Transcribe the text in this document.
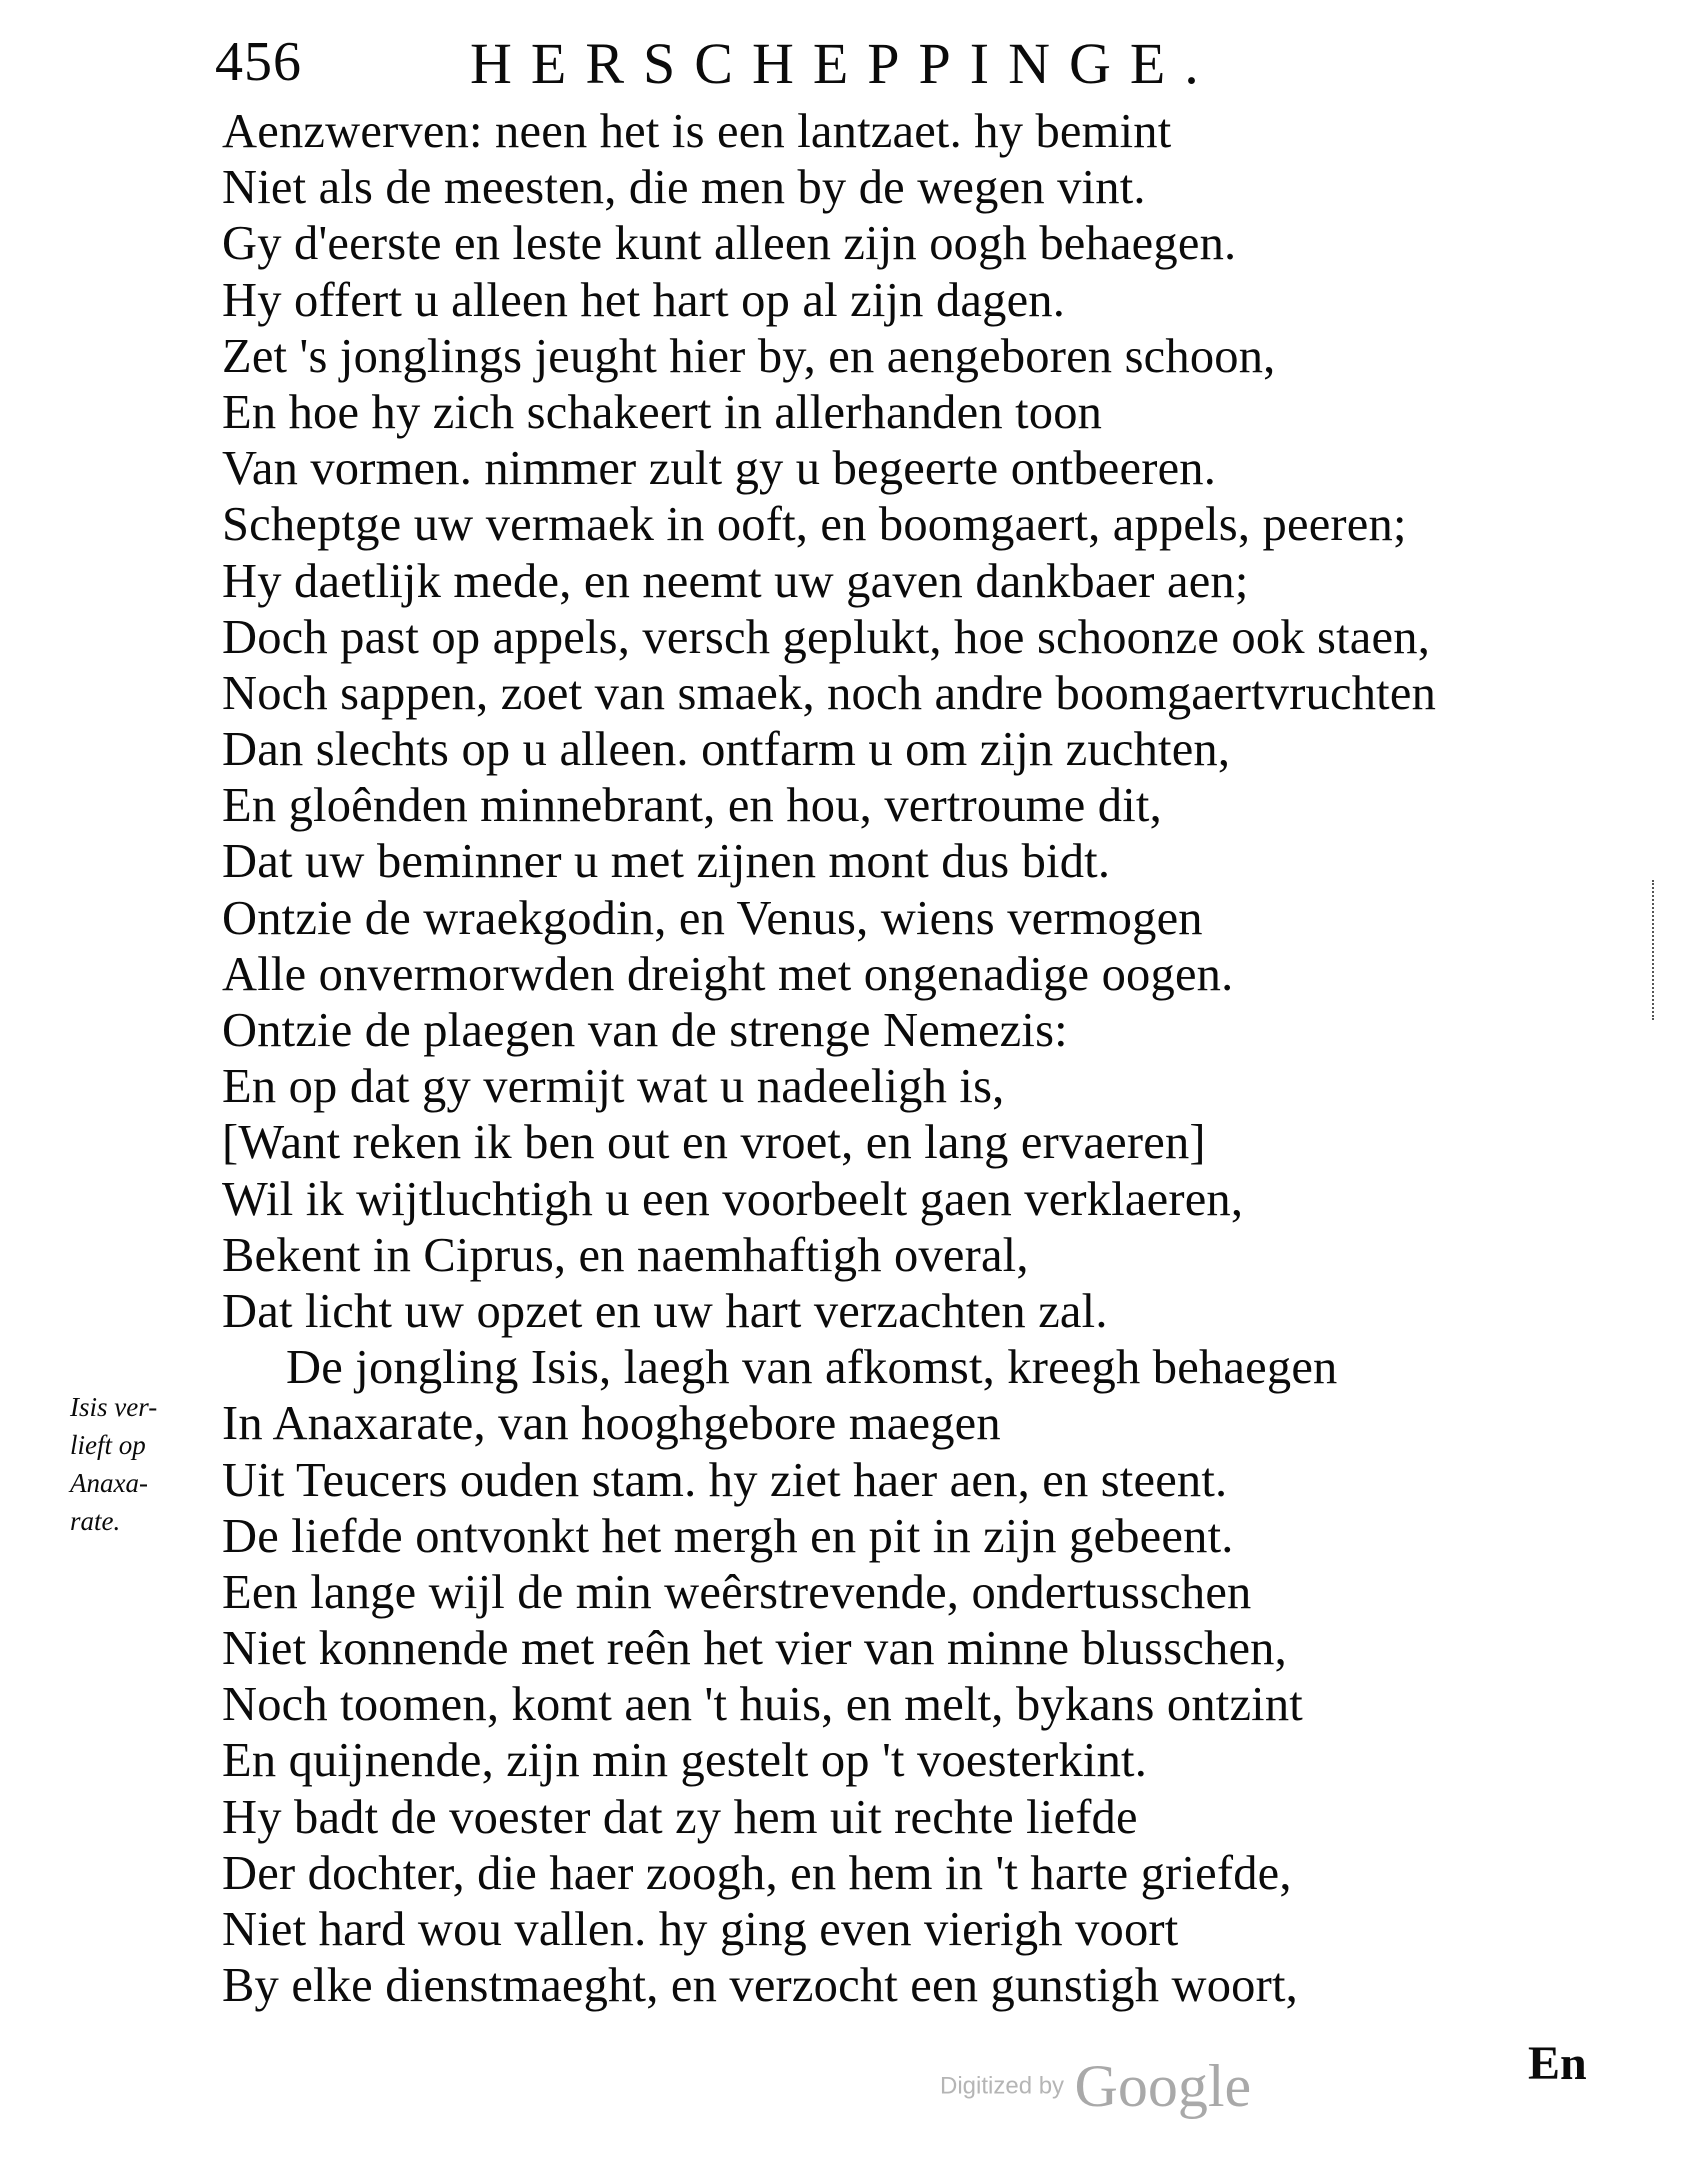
456	HERSCHEPPINGE.
Aenzwerven: neen het is een lantzaet. hy bemint
Niet als de meesten, die men by de wegen vint.
Gy d'eerste en leste kunt alleen zijn oogh behaegen.
Hy offert u alleen het hart op al zijn dagen.
Zet 's jonglings jeught hier by, en aengeboren schoon,
En hoe hy zich schakeert in allerhanden toon
Van vormen. nimmer zult gy u begeerte ontbeeren.
Scheptge uw vermaek in ooft, en boomgaert, appels, peeren;
Hy daetlijk mede, en neemt uw gaven dankbaer aen;
Doch past op appels, versch geplukt, hoe schoonze ook staen,
Noch sappen, zoet van smaek, noch andre boomgaertvruchten
Dan slechts op u alleen. ontfarm u om zijn zuchten,
En gloênden minnebrant, en hou, vertroume dit,
Dat uw beminner u met zijnen mont dus bidt.
Ontzie de wraekgodin, en Venus, wiens vermogen
Alle onvermorwden dreight met ongenadige oogen.
Ontzie de plaegen van de strenge Nemezis:
En op dat gy vermijt wat u nadeeligh is,
[Want reken ik ben out en vroet, en lang ervaeren]
Wil ik wijtluchtigh u een voorbeelt gaen verklaeren,
Bekent in Ciprus, en naemhaftigh overal,
Dat licht uw opzet en uw hart verzachten zal.
De jongling Isis, laegh van afkomst, kreegh behaegen
In Anaxarate, van hooghgebore maegen
Uit Teucers ouden stam. hy ziet haer aen, en steent.
De liefde ontvonkt het mergh en pit in zijn gebeent.
Een lange wijl de min weêrstrevende, ondertusschen
Niet konnende met reên het vier van minne blusschen,
Noch toomen, komt aen 't huis, en melt, bykans ontzint
En quijnende, zijn min gestelt op 't voesterkint.
Hy badt de voester dat zy hem uit rechte liefde
Der dochter, die haer zoogh, en hem in 't harte griefde,
Niet hard wou vallen. hy ging even vierigh voort
By elke dienstmaeght, en verzocht een gunstigh woort,
Isis ver-
lieft op
Anaxa-
rate.
En
Digitized by Google
